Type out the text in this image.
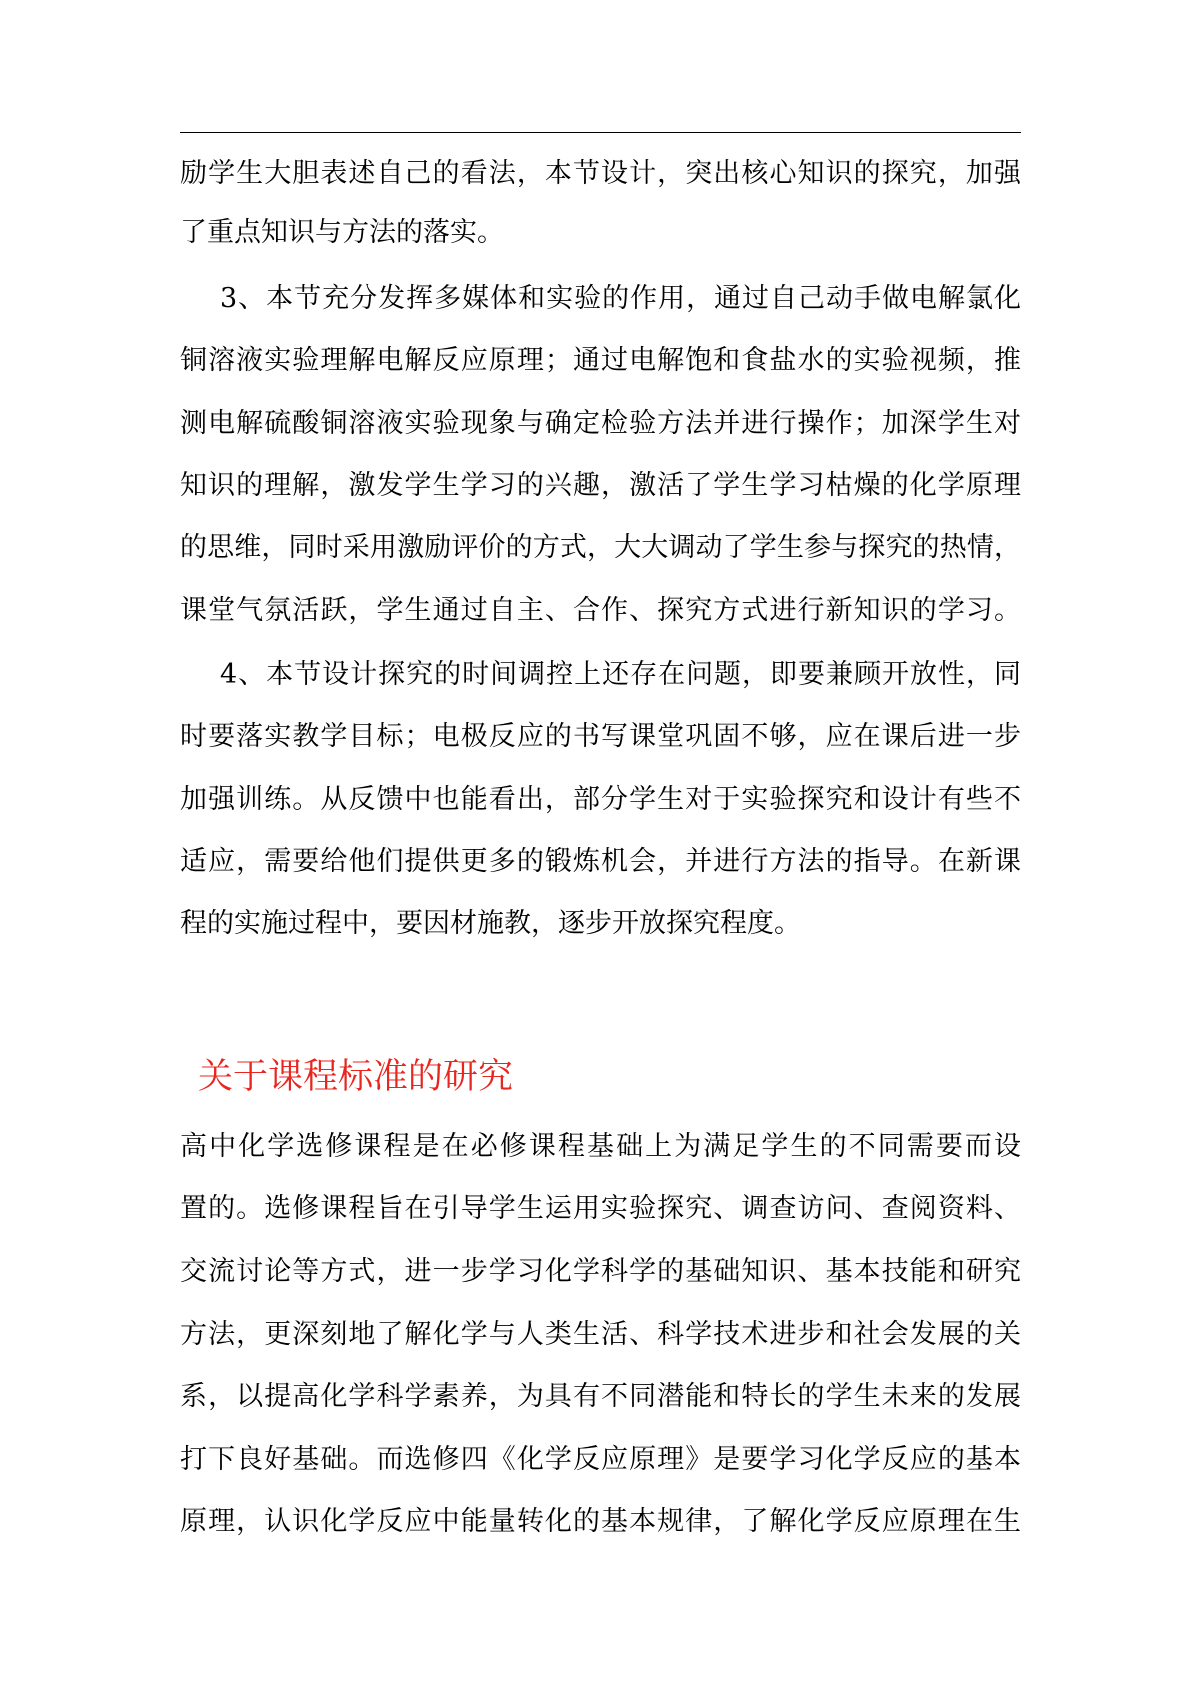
励学生大胆表述自己的看法，本节设计，突出核心知识的探究，加强
了重点知识与方法的落实。
3、本节充分发挥多媒体和实验的作用，通过自己动手做电解氯化
铜溶液实验理解电解反应原理；通过电解饱和食盐水的实验视频，推
测电解硫酸铜溶液实验现象与确定检验方法并进行操作；加深学生对
知识的理解，激发学生学习的兴趣，激活了学生学习枯燥的化学原理
的思维，同时采用激励评价的方式，大大调动了学生参与探究的热情，
课堂气氛活跃，学生通过自主、合作、探究方式进行新知识的学习。
4、本节设计探究的时间调控上还存在问题，即要兼顾开放性，同
时要落实教学目标；电极反应的书写课堂巩固不够，应在课后进一步
加强训练。从反馈中也能看出，部分学生对于实验探究和设计有些不
适应，需要给他们提供更多的锻炼机会，并进行方法的指导。在新课
程的实施过程中，要因材施教，逐步开放探究程度。
关于课程标准的研究
高中化学选修课程是在必修课程基础上为满足学生的不同需要而设
置的。选修课程旨在引导学生运用实验探究、调查访问、查阅资料、
交流讨论等方式，进一步学习化学科学的基础知识、基本技能和研究
方法，更深刻地了解化学与人类生活、科学技术进步和社会发展的关
系，以提高化学科学素养，为具有不同潜能和特长的学生未来的发展
打下良好基础。而选修四《化学反应原理》是要学习化学反应的基本
原理，认识化学反应中能量转化的基本规律，了解化学反应原理在生
